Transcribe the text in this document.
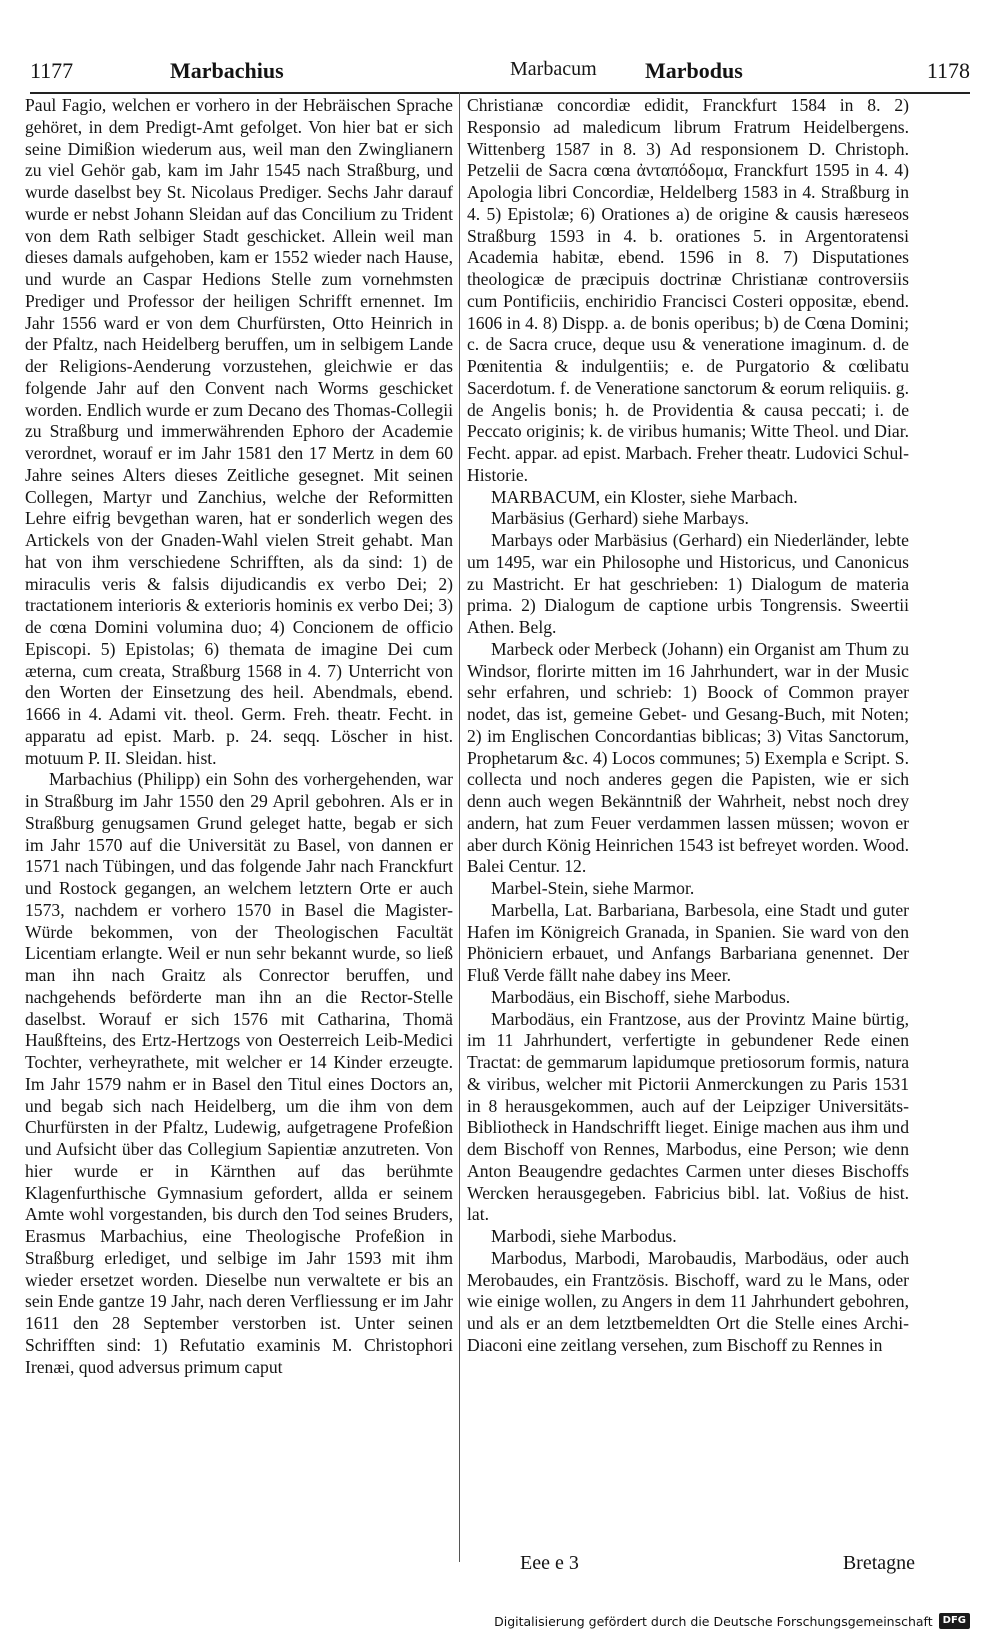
1177	Marbachius	Marbacum Marbodus	1178

Paul Fagio, welchen er vorhero in der Hebräischen Sprache gehöret, in dem Predigt-Amt gefolget. Von hier bat er sich seine Dimißion wiederum aus, weil man den Zwinglianern zu viel Gehör gab, kam im Jahr 1545 nach Straßburg, und wurde daselbst bey St. Nicolaus Prediger. Sechs Jahr darauf wurde er nebst Johann Sleidan auf das Concilium zu Trident von dem Rath selbiger Stadt geschicket. Allein weil man dieses damals aufgehoben, kam er 1552 wieder nach Hause, und wurde an Caspar Hedions Stelle zum vornehmsten Prediger und Professor der heiligen Schrifft ernennet. Im Jahr 1556 ward er von dem Churfürsten, Otto Heinrich in der Pfaltz, nach Heidelberg beruffen, um in selbigem Lande der Religions-Aenderung vorzustehen, gleichwie er das folgende Jahr auf den Convent nach Worms geschicket worden. Endlich wurde er zum Decano des Thomas-Collegii zu Straßburg und immerwährenden Ephoro der Academie verordnet, worauf er im Jahr 1581 den 17 Mertz in dem 60 Jahre seines Alters dieses Zeitliche gesegnet. Mit seinen Collegen, Martyr und Zanchius, welche der Reformitten Lehre eifrig bevgethan waren, hat er sonderlich wegen des Artickels von der Gnaden-Wahl vielen Streit gehabt. Man hat von ihm verschiedene Schrifften, als da sind: 1) de miraculis veris & falsis dijudicandis ex verbo Dei; 2) tractationem interioris & exterioris hominis ex verbo Dei; 3) de cœna Domini volumina duo; 4) Concionem de officio Episcopi. 5) Epistolas; 6) themata de imagine Dei cum æterna, cum creata, Straßburg 1568 in 4. 7) Unterricht von den Worten der Einsetzung des heil. Abendmals, ebend. 1666 in 4. Adami vit. theol. Germ. Freh. theatr. Fecht. in apparatu ad epist. Marb. p. 24. seqq. Löscher in hist. motuum P. II. Sleidan. hist.

Marbachius (Philipp) ein Sohn des vorhergehenden, war in Straßburg im Jahr 1550 den 29 April gebohren. Als er in Straßburg genugsamen Grund geleget hatte, begab er sich im Jahr 1570 auf die Universität zu Basel, von dannen er 1571 nach Tübingen, und das folgende Jahr nach Franckfurt und Rostock gegangen, an welchem letztern Orte er auch 1573, nachdem er vorhero 1570 in Basel die Magister-Würde bekommen, von der Theologischen Facultät Licentiam erlangte. Weil er nun sehr bekannt wurde, so ließ man ihn nach Graitz als Conrector beruffen, und nachgehends beförderte man ihn an die Rector-Stelle daselbst. Worauf er sich 1576 mit Catharina, Thomä Haußfteins, des Ertz-Hertzogs von Oesterreich Leib-Medici Tochter, verheyrathete, mit welcher er 14 Kinder erzeugte. Im Jahr 1579 nahm er in Basel den Titul eines Doctors an, und begab sich nach Heidelberg, um die ihm von dem Churfürsten in der Pfaltz, Ludewig, aufgetragene Profeßion und Aufsicht über das Collegium Sapientiæ anzutreten. Von hier wurde er in Kärnthen auf das berühmte Klagenfurthische Gymnasium gefordert, allda er seinem Amte wohl vorgestanden, bis durch den Tod seines Bruders, Erasmus Marbachius, eine Theologische Profeßion in Straßburg erlediget, und selbige im Jahr 1593 mit ihm wieder ersetzet worden. Dieselbe nun verwaltete er bis an sein Ende gantze 19 Jahr, nach deren Verfliessung er im Jahr 1611 den 28 September verstorben ist. Unter seinen Schrifften sind: 1) Refutatio examinis M. Christophori Irenæi, quod adversus primum caput

Christianæ concordiæ edidit, Franckfurt 1584 in 8. 2) Responsio ad maledicum librum Fratrum Heidelbergens. Wittenberg 1587 in 8. 3) Ad responsionem D. Christoph. Petzelii de Sacra cœna ἀνταπόδομα, Franckfurt 1595 in 4. 4) Apologia libri Concordiæ, Heldelberg 1583 in 4. Straßburg in 4. 5) Epistolæ; 6) Orationes a) de origine & causis hæreseos Straßburg 1593 in 4. b. orationes 5. in Argentoratensi Academia habitæ, ebend. 1596 in 8. 7) Disputationes theologicæ de præcipuis doctrinæ Christianæ controversiis cum Pontificiis, enchiridio Francisci Costeri oppositæ, ebend. 1606 in 4. 8) Dispp. a. de bonis operibus; b) de Cœna Domini; c. de Sacra cruce, deque usu & veneratione imaginum. d. de Pœnitentia & indulgentiis; e. de Purgatorio & cœlibatu Sacerdotum. f. de Veneratione sanctorum & eorum reliquiis. g. de Angelis bonis; h. de Providentia & causa peccati; i. de Peccato originis; k. de viribus humanis; Witte Theol. und Diar. Fecht. appar. ad epist. Marbach. Freher theatr. Ludovici Schul-Historie.

MARBACUM, ein Kloster, siehe Marbach.

Marbäsius (Gerhard) siehe Marbays.

Marbays oder Marbäsius (Gerhard) ein Niederländer, lebte um 1495, war ein Philosophe und Historicus, und Canonicus zu Mastricht. Er hat geschrieben: 1) Dialogum de materia prima. 2) Dialogum de captione urbis Tongrensis. Sweertii Athen. Belg.

Marbeck oder Merbeck (Johann) ein Organist am Thum zu Windsor, florirte mitten im 16 Jahrhundert, war in der Music sehr erfahren, und schrieb: 1) Boock of Common prayer nodet, das ist, gemeine Gebet- und Gesang-Buch, mit Noten; 2) im Englischen Concordantias biblicas; 3) Vitas Sanctorum, Prophetarum &c. 4) Locos communes; 5) Exempla e Script. S. collecta und noch anderes gegen die Papisten, wie er sich denn auch wegen Bekänntniß der Wahrheit, nebst noch drey andern, hat zum Feuer verdammen lassen müssen; wovon er aber durch König Heinrichen 1543 ist befreyet worden. Wood. Balei Centur. 12.

Marbel-Stein, siehe Marmor.

Marbella, Lat. Barbariana, Barbesola, eine Stadt und guter Hafen im Königreich Granada, in Spanien. Sie ward von den Phöniciern erbauet, und Anfangs Barbariana genennet. Der Fluß Verde fällt nahe dabey ins Meer.

Marbodäus, ein Bischoff, siehe Marbodus.

Marbodäus, ein Frantzose, aus der Provintz Maine bürtig, im 11 Jahrhundert, verfertigte in gebundener Rede einen Tractat: de gemmarum lapidumque pretiosorum formis, natura & viribus, welcher mit Pictorii Anmerckungen zu Paris 1531 in 8 herausgekommen, auch auf der Leipziger Universitäts-Bibliotheck in Handschrifft lieget. Einige machen aus ihm und dem Bischoff von Rennes, Marbodus, eine Person; wie denn Anton Beaugendre gedachtes Carmen unter dieses Bischoffs Wercken herausgegeben. Fabricius bibl. lat. Voßius de hist. lat.

Marbodi, siehe Marbodus.

Marbodus, Marbodi, Marobaudis, Marbodäus, oder auch Merobaudes, ein Frantzösis. Bischoff, ward zu le Mans, oder wie einige wollen, zu Angers in dem 11 Jahrhundert gebohren, und als er an dem letztbemeldten Ort die Stelle eines Archi-Diaconi eine zeitlang versehen, zum Bischoff zu Rennes in

Eee e 3	Bretagne
Digitalisierung gefördert durch die Deutsche Forschungsgemeinschaft	DFG
